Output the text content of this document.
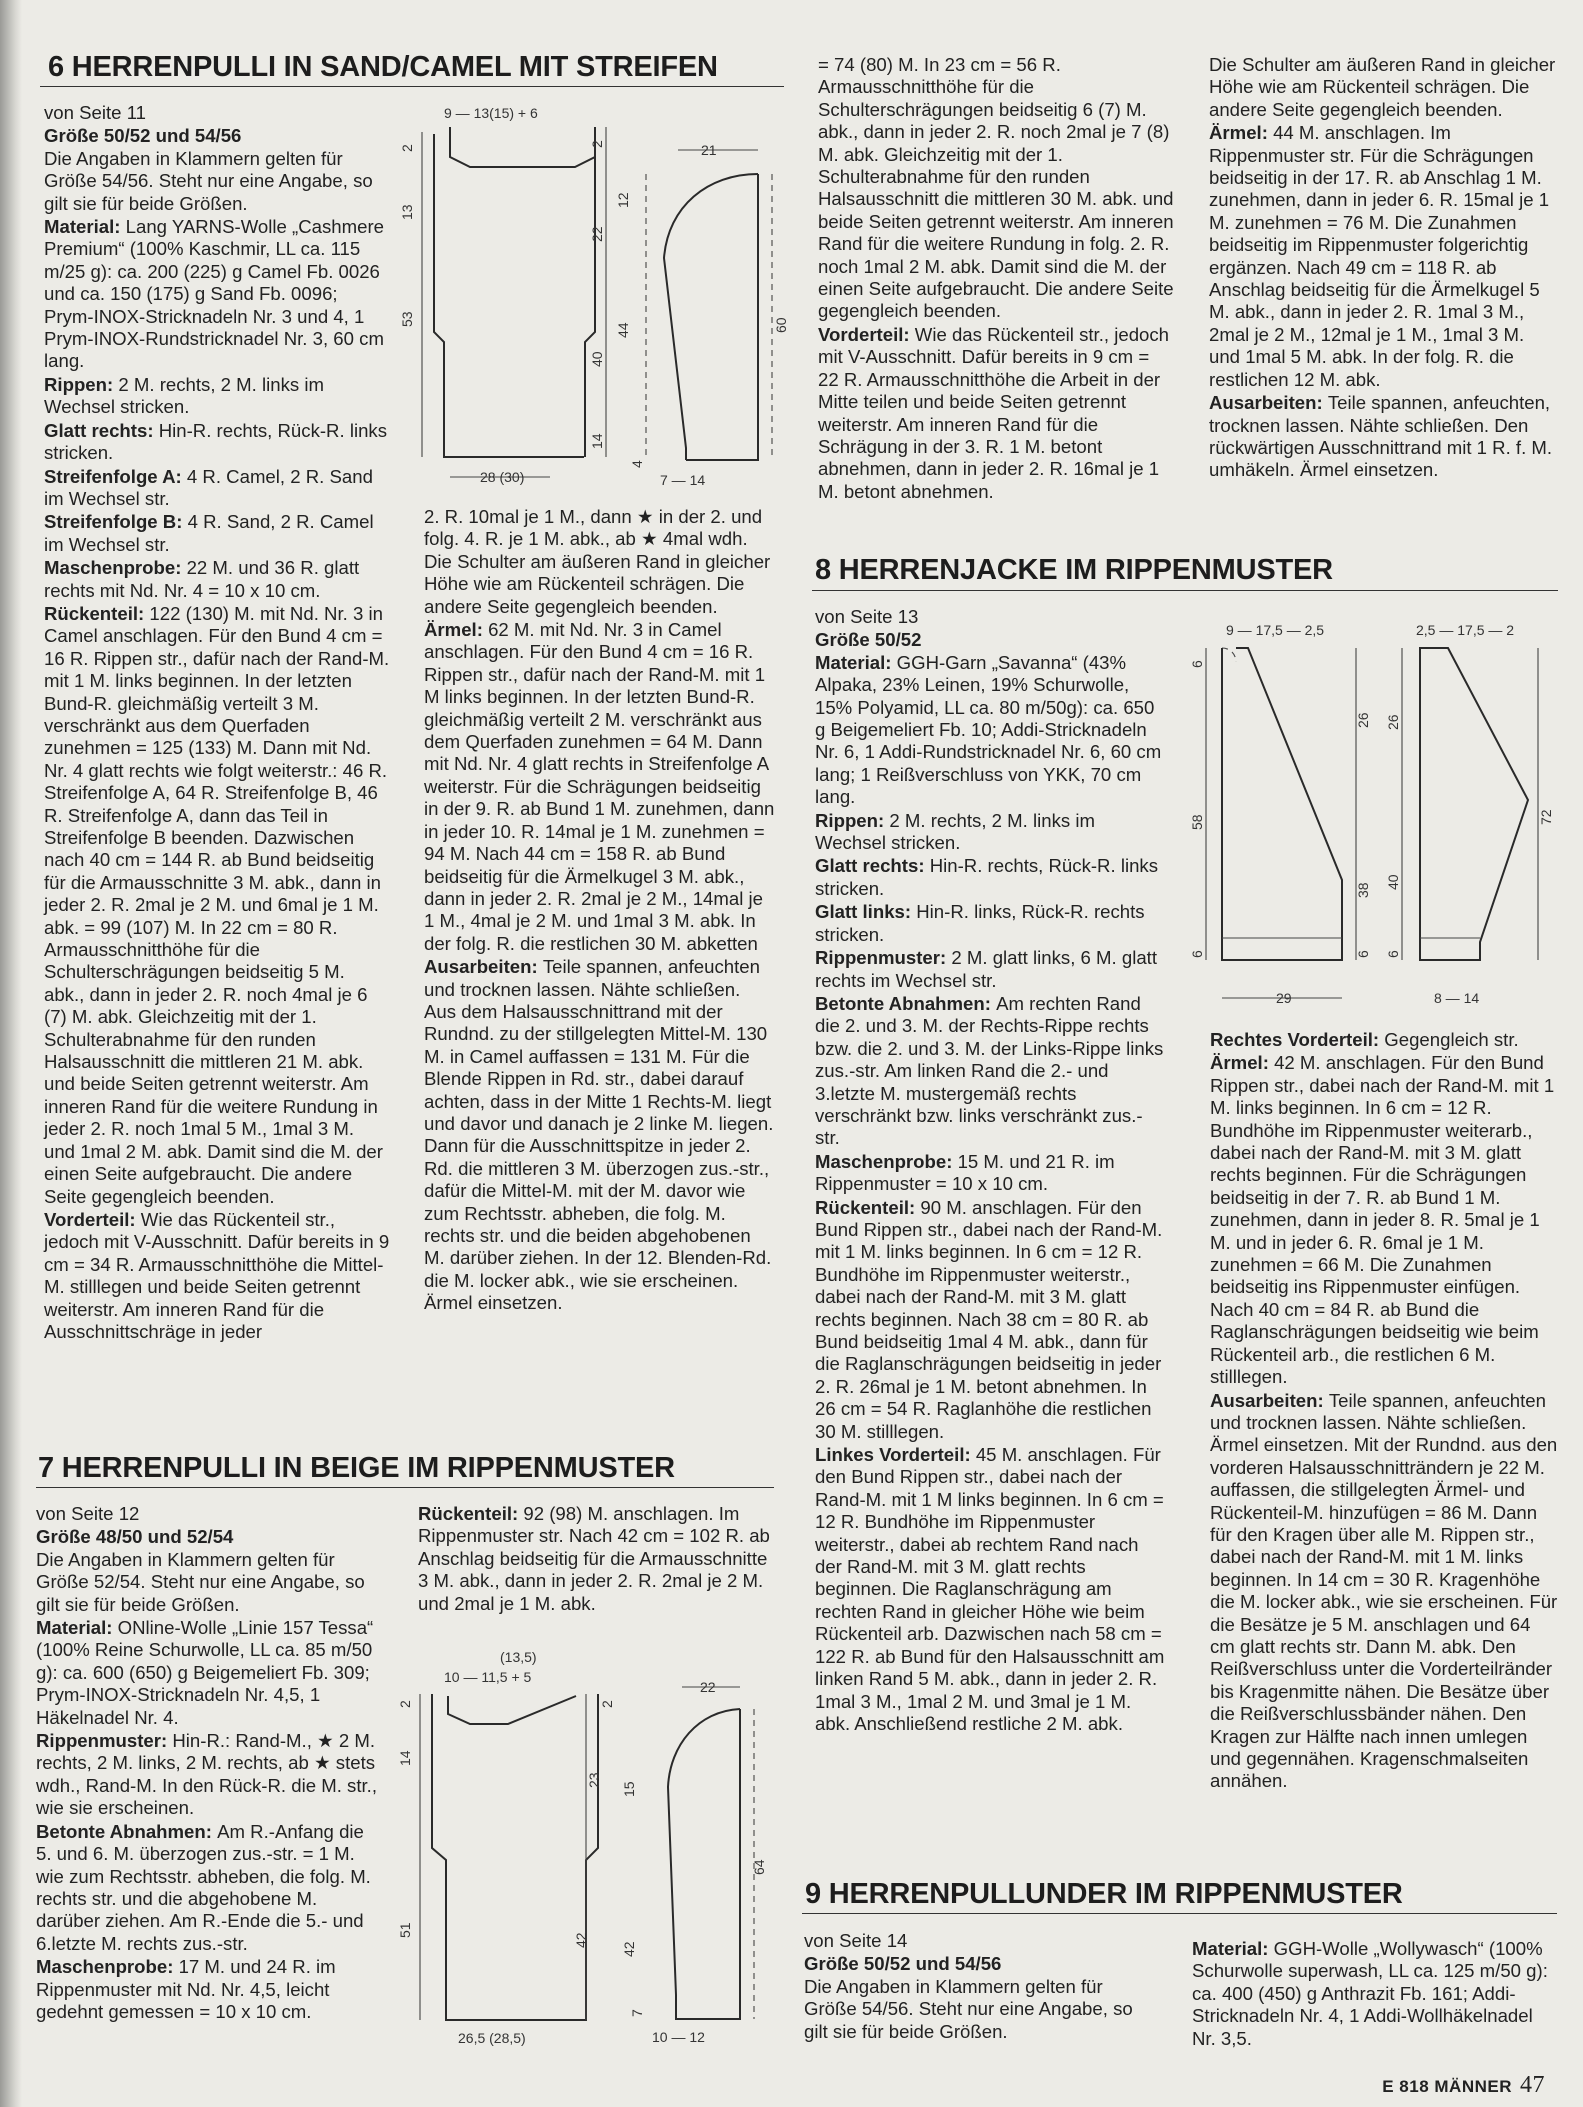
6 HERRENPULLI IN SAND/CAMEL MIT STREIFEN

von Seite 11

Größe 50/52 und 54/56

Die Angaben in Klammern gelten für Größe 54/56. Steht nur eine Angabe, so gilt sie für beide Größen.

Material: Lang YARNS-Wolle „Cashmere Premium“ (100% Kaschmir, LL ca. 115 m/25 g): ca. 200 (225) g Camel Fb. 0026 und ca. 150 (175) g Sand Fb. 0096; Prym-INOX-Stricknadeln Nr. 3 und 4, 1 Prym-INOX-Rundstricknadel Nr. 3, 60 cm lang.

Rippen: 2 M. rechts, 2 M. links im Wechsel stricken.

Glatt rechts: Hin-R. rechts, Rück-R. links stricken.

Streifenfolge A: 4 R. Camel, 2 R. Sand im Wechsel str.

Streifenfolge B: 4 R. Sand, 2 R. Camel im Wechsel str.

Maschenprobe: 22 M. und 36 R. glatt rechts mit Nd. Nr. 4 = 10 x 10 cm.

Rückenteil: 122 (130) M. mit Nd. Nr. 3 in Camel anschlagen. Für den Bund 4 cm = 16 R. Rippen str., dafür nach der Rand-M. mit 1 M. links beginnen. In der letzten Bund-R. gleichmäßig verteilt 3 M. verschränkt aus dem Querfaden zunehmen = 125 (133) M. Dann mit Nd. Nr. 4 glatt rechts wie folgt weiterstr.: 46 R. Streifenfolge A, 64 R. Streifenfolge B, 46 R. Streifenfolge A, dann das Teil in Streifenfolge B beenden. Dazwischen nach 40 cm = 144 R. ab Bund beidseitig für die Armausschnitte 3 M. abk., dann in jeder 2. R. 2mal je 2 M. und 6mal je 1 M. abk. = 99 (107) M. In 22 cm = 80 R. Armausschnitthöhe für die Schulterschrägungen beidseitig 5 M. abk., dann in jeder 2. R. noch 4mal je 6 (7) M. abk. Gleichzeitig mit der 1. Schulterabnahme für den runden Halsausschnitt die mittleren 21 M. abk. und beide Seiten getrennt weiterstr. Am inneren Rand für die weitere Rundung in jeder 2. R. noch 1mal 5 M., 1mal 3 M. und 1mal 2 M. abk. Damit sind die M. der einen Seite aufgebraucht. Die andere Seite gegengleich beenden.

Vorderteil: Wie das Rückenteil str., jedoch mit V-Ausschnitt. Dafür bereits in 9 cm = 34 R. Armausschnitthöhe die Mittel-M. stilllegen und beide Seiten getrennt weiterstr. Am inneren Rand für die Ausschnittschräge in jeder

9 — 13(15) + 6
2
13
53
2
22
40
14
28 (30)
21
4
12
44	60
7 — 14

2. R. 10mal je 1 M., dann ★ in der 2. und folg. 4. R. je 1 M. abk., ab ★ 4mal wdh. Die Schulter am äußeren Rand in gleicher Höhe wie am Rückenteil schrägen. Die andere Seite gegengleich beenden.

Ärmel: 62 M. mit Nd. Nr. 3 in Camel anschlagen. Für den Bund 4 cm = 16 R. Rippen str., dafür nach der Rand-M. mit 1 M links beginnen. In der letzten Bund-R. gleichmäßig verteilt 2 M. verschränkt aus dem Querfaden zunehmen = 64 M. Dann mit Nd. Nr. 4 glatt rechts in Streifenfolge A weiterstr. Für die Schrägungen beidseitig in der 9. R. ab Bund 1 M. zunehmen, dann in jeder 10. R. 14mal je 1 M. zunehmen = 94 M. Nach 44 cm = 158 R. ab Bund beidseitig für die Ärmelkugel 3 M. abk., dann in jeder 2. R. 2mal je 2 M., 14mal je 1 M., 4mal je 2 M. und 1mal 3 M. abk. In der folg. R. die restlichen 30 M. abketten

Ausarbeiten: Teile spannen, anfeuchten und trocknen lassen. Nähte schließen. Aus dem Halsausschnittrand mit der Rundnd. zu der stillgelegten Mittel-M. 130 M. in Camel auffassen = 131 M. Für die Blende Rippen in Rd. str., dabei darauf achten, dass in der Mitte 1 Rechts-M. liegt und davor und danach je 2 linke M. liegen. Dann für die Ausschnittspitze in jeder 2. Rd. die mittleren 3 M. überzogen zus.-str., dafür die Mittel-M. mit der M. davor wie zum Rechtsstr. abheben, die folg. M. rechts str. und die beiden abgehobenen M. darüber ziehen. In der 12. Blenden-Rd. die M. locker abk., wie sie erscheinen. Ärmel einsetzen.

= 74 (80) M. In 23 cm = 56 R. Armausschnitthöhe für die Schulterschrägungen beidseitig 6 (7) M. abk., dann in jeder 2. R. noch 2mal je 7 (8) M. abk. Gleichzeitig mit der 1. Schulterabnahme für den runden Halsausschnitt die mittleren 30 M. abk. und beide Seiten getrennt weiterstr. Am inneren Rand für die weitere Rundung in folg. 2. R. noch 1mal 2 M. abk. Damit sind die M. der einen Seite aufgebraucht. Die andere Seite gegengleich beenden.

Vorderteil: Wie das Rückenteil str., jedoch mit V-Ausschnitt. Dafür bereits in 9 cm = 22 R. Armausschnitthöhe die Arbeit in der Mitte teilen und beide Seiten getrennt weiterstr. Am inneren Rand für die Schrägung in der 3. R. 1 M. betont abnehmen, dann in jeder 2. R. 16mal je 1 M. betont abnehmen.

Die Schulter am äußeren Rand in gleicher Höhe wie am Rückenteil schrägen. Die andere Seite gegengleich beenden.

Ärmel: 44 M. anschlagen. Im Rippenmuster str. Für die Schrägungen beidseitig in der 17. R. ab Anschlag 1 M. zunehmen, dann in jeder 6. R. 15mal je 1 M. zunehmen = 76 M. Die Zunahmen beidseitig im Rippenmuster folgerichtig ergänzen. Nach 49 cm = 118 R. ab Anschlag beidseitig für die Ärmelkugel 5 M. abk., dann in jeder 2. R. 1mal 3 M., 2mal je 2 M., 12mal je 1 M., 1mal 3 M. und 1mal 5 M. abk. In der folg. R. die restlichen 12 M. abk.

Ausarbeiten: Teile spannen, anfeuchten, trocknen lassen. Nähte schließen. Den rückwärtigen Ausschnittrand mit 1 R. f. M. umhäkeln. Ärmel einsetzen.

8 HERRENJACKE IM RIPPENMUSTER

von Seite 13

Größe 50/52

Material: GGH-Garn „Savanna“ (43% Alpaka, 23% Leinen, 19% Schurwolle, 15% Polyamid, LL ca. 80 m/50g): ca. 650 g Beigemeliert Fb. 10; Addi-Stricknadeln Nr. 6, 1 Addi-Rundstricknadel Nr. 6, 60 cm lang; 1 Reißverschluss von YKK, 70 cm lang.

Rippen: 2 M. rechts, 2 M. links im Wechsel stricken.

Glatt rechts: Hin-R. rechts, Rück-R. links stricken.

Glatt links: Hin-R. links, Rück-R. rechts stricken.

Rippenmuster: 2 M. glatt links, 6 M. glatt rechts im Wechsel str.

Betonte Abnahmen: Am rechten Rand die 2. und 3. M. der Rechts-Rippe rechts bzw. die 2. und 3. M. der Links-Rippe links zus.-str. Am linken Rand die 2.- und 3.letzte M. mustergemäß rechts verschränkt bzw. links verschränkt zus.-str.

Maschenprobe: 15 M. und 21 R. im Rippenmuster = 10 x 10 cm.

Rückenteil: 90 M. anschlagen. Für den Bund Rippen str., dabei nach der Rand-M. mit 1 M. links beginnen. In 6 cm = 12 R. Bundhöhe im Rippenmuster weiterstr., dabei nach der Rand-M. mit 3 M. glatt rechts beginnen. Nach 38 cm = 80 R. ab Bund beidseitig 1mal 4 M. abk., dann für die Raglanschrägungen beidseitig in jeder 2. R. 26mal je 1 M. betont abnehmen. In 26 cm = 54 R. Raglanhöhe die restlichen 30 M. stilllegen.

Linkes Vorderteil: 45 M. anschlagen. Für den Bund Rippen str., dabei nach der Rand-M. mit 1 M links beginnen. In 6 cm = 12 R. Bundhöhe im Rippenmuster weiterstr., dabei ab rechtem Rand nach der Rand-M. mit 3 M. glatt rechts beginnen. Die Raglanschrägung am rechten Rand in gleicher Höhe wie beim Rückenteil arb. Dazwischen nach 58 cm = 122 R. ab Bund für den Halsausschnitt am linken Rand 5 M. abk., dann in jeder 2. R. 1mal 3 M., 1mal 2 M. und 3mal je 1 M. abk. Anschließend restliche 2 M. abk.

9 — 17,5 — 2,5
6
58
6
26
38
6
29
2,5 — 17,5 — 2
26
40
6
72
8 — 14

Rechtes Vorderteil: Gegengleich str.

Ärmel: 42 M. anschlagen. Für den Bund Rippen str., dabei nach der Rand-M. mit 1 M. links beginnen. In 6 cm = 12 R. Bundhöhe im Rippenmuster weiterarb., dabei nach der Rand-M. mit 3 M. glatt rechts beginnen. Für die Schrägungen beidseitig in der 7. R. ab Bund 1 M. zunehmen, dann in jeder 8. R. 5mal je 1 M. und in jeder 6. R. 6mal je 1 M. zunehmen = 66 M. Die Zunahmen beidseitig ins Rippenmuster einfügen. Nach 40 cm = 84 R. ab Bund die Raglanschrägungen beidseitig wie beim Rückenteil arb., die restlichen 6 M. stilllegen.

Ausarbeiten: Teile spannen, anfeuchten und trocknen lassen. Nähte schließen. Ärmel einsetzen. Mit der Rundnd. aus den vorderen Halsausschnitträndern je 22 M. auffassen, die stillgelegten Ärmel- und Rückenteil-M. hinzufügen = 86 M. Dann für den Kragen über alle M. Rippen str., dabei nach der Rand-M. mit 1 M. links beginnen. In 14 cm = 30 R. Kragenhöhe die M. locker abk., wie sie erscheinen. Für die Besätze je 5 M. anschlagen und 64 cm glatt rechts str. Dann M. abk. Den Reißverschluss unter die Vorderteilränder bis Kragenmitte nähen. Die Besätze über die Reißverschlussbänder nähen. Den Kragen zur Hälfte nach innen umlegen und gegennähen. Kragenschmalseiten annähen.

7 HERRENPULLI IN BEIGE IM RIPPENMUSTER

von Seite 12

Größe 48/50 und 52/54

Die Angaben in Klammern gelten für Größe 52/54. Steht nur eine Angabe, so gilt sie für beide Größen.

Material: ONline-Wolle „Linie 157 Tessa“ (100% Reine Schurwolle, LL ca. 85 m/50 g): ca. 600 (650) g Beigemeliert Fb. 309; Prym-INOX-Stricknadeln Nr. 4,5, 1 Häkelnadel Nr. 4.

Rippenmuster: Hin-R.: Rand-M., ★ 2 M. rechts, 2 M. links, 2 M. rechts, ab ★ stets wdh., Rand-M. In den Rück-R. die M. str., wie sie erscheinen.

Betonte Abnahmen: Am R.-Anfang die 5. und 6. M. überzogen zus.-str. = 1 M. wie zum Rechtsstr. abheben, die folg. M. rechts str. und die abgehobene M. darüber ziehen. Am R.-Ende die 5.- und 6.letzte M. rechts zus.-str.

Maschenprobe: 17 M. und 24 R. im Rippenmuster mit Nd. Nr. 4,5, leicht gedehnt gemessen = 10 x 10 cm.

Rückenteil: 92 (98) M. anschlagen. Im Rippenmuster str. Nach 42 cm = 102 R. ab Anschlag beidseitig für die Armausschnitte 3 M. abk., dann in jeder 2. R. 2mal je 2 M. und 2mal je 1 M. abk.

(13,5)
10 — 11,5 + 5
2
14
51
2
23
42
26,5 (28,5)
22
15
42
64
7
10 — 12
9 HERRENPULLUNDER IM RIPPENMUSTER

von Seite 14

Größe 50/52 und 54/56

Die Angaben in Klammern gelten für Größe 54/56. Steht nur eine Angabe, so gilt sie für beide Größen.

Material: GGH-Wolle „Wollywasch“ (100% Schurwolle superwash, LL ca. 125 m/50 g): ca. 400 (450) g Anthrazit Fb. 161; Addi-Stricknadeln Nr. 4, 1 Addi-Wollhäkelnadel Nr. 3,5.

E 818 MÄNNER 47
